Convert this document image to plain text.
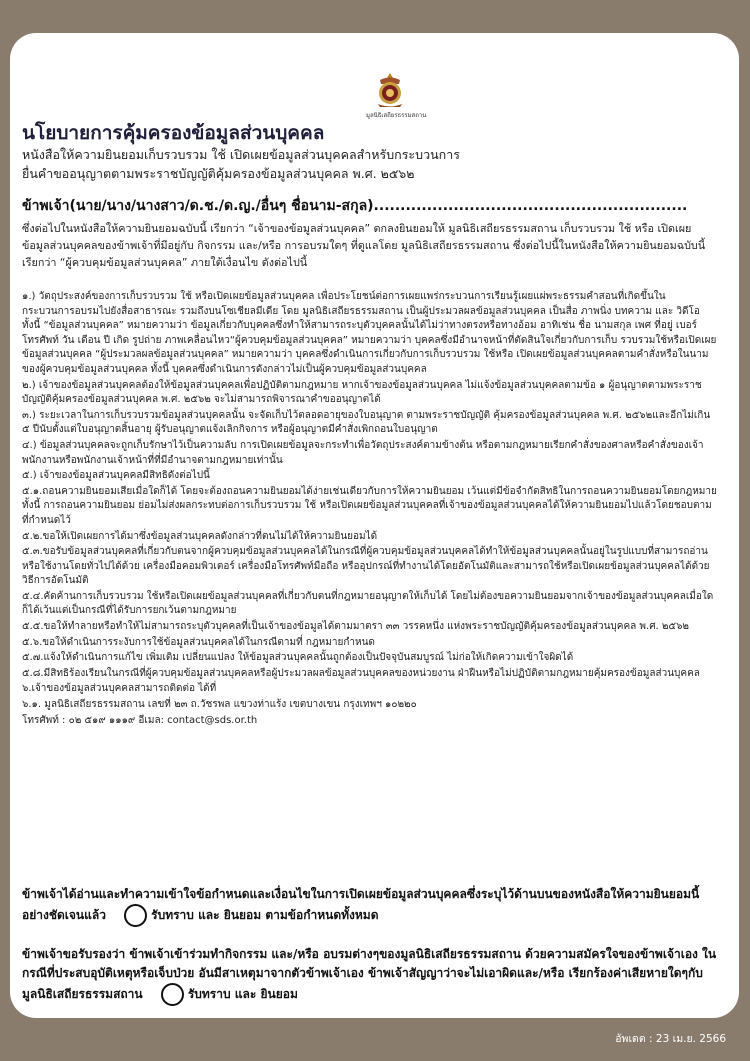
มูลนิธิเสถียรธรรมสถาน
นโยบายการคุ้มครองข้อมูลส่วนบุคคล
หนังสือให้ความยินยอมเก็บรวบรวม ใช้ เปิดเผยข้อมูลส่วนบุคคลสำหรับกระบวนการ
ยื่นคำขออนุญาตตามพระราชบัญญัติคุ้มครองข้อมูลส่วนบุคคล พ.ศ. ๒๕๖๒

ข้าพเจ้า(นาย/นาง/นางสาว/ด.ช./ด.ญ./อื่นๆ ชื่อนาม-สกุล)...........................................................

ซึ่งต่อไปในหนังสือให้ความยินยอมฉบับนี้ เรียกว่า “เจ้าของข้อมูลส่วนบุคคล” ตกลงยินยอมให้ มูลนิธิเสถียรธรรมสถาน เก็บรวบรวม ใช้ หรือ เปิดเผย ข้อมูลส่วนบุคคลของข้าพเจ้าที่มีอยู่กับ กิจกรรม และ/หรือ การอบรมใดๆ ที่ดูแลโดย มูลนิธิเสถียรธรรมสถาน ซึ่งต่อไปนี้ในหนังสือให้ความยินยอมฉบับนี้เรียกว่า “ผู้ควบคุมข้อมูลส่วนบุคคล” ภายใต้เงื่อนไข ดังต่อไปนี้

๑.) วัตถุประสงค์ของการเก็บรวบรวม ใช้ หรือเปิดเผยข้อมูลส่วนบุคคล เพื่อประโยชน์ต่อการเผยแพร่กระบวนการเรียนรู้เผยแผ่พระธรรมคำสอนที่เกิดขึ้นในกระบวนการอบรมไปยังสื่อสาธารณะ รวมถึงบนโซเชียลมีเดีย โดย มูลนิธิเสถียรธรรมสถาน เป็นผู้ประมวลผลข้อมูลส่วนบุคคล เป็นสื่อ ภาพนิ่ง บทความ และ วิดีโอ ทั้งนี้ “ข้อมูลส่วนบุคคล” หมายความว่า ข้อมูลเกี่ยวกับบุคคลซึ่งทำให้สามารถระบุตัวบุคคลนั้นได้ไม่ว่าทางตรงหรือทางอ้อม อาทิเช่น ชื่อ นามสกุล เพศ ที่อยู่ เบอร์โทรศัพท์ วัน เดือน ปี เกิด รูปถ่าย ภาพเคลื่อนไหว“ผู้ควบคุมข้อมูลส่วนบุคคล” หมายความว่า บุคคลซึ่งมีอำนาจหน้าที่ตัดสินใจเกี่ยวกับการเก็บ รวบรวมใช้หรือเปิดเผยข้อมูลส่วนบุคคล “ผู้ประมวลผลข้อมูลส่วนบุคคล” หมายความว่า บุคคลซึ่งดำเนินการเกี่ยวกับการเก็บรวบรวม ใช้หรือ เปิดเผยข้อมูลส่วนบุคคลตามคำสั่งหรือในนามของผู้ควบคุมข้อมูลส่วนบุคคล ทั้งนี้ บุคคลซึ่งดำเนินการดังกล่าวไม่เป็นผู้ควบคุมข้อมูลส่วนบุคคล
๒.) เจ้าของข้อมูลส่วนบุคคลต้องให้ข้อมูลส่วนบุคคลเพื่อปฏิบัติตามกฎหมาย หากเจ้าของข้อมูลส่วนบุคคล ไม่แจ้งข้อมูลส่วนบุคคลตามข้อ ๑ ผู้อนุญาตตามพระราชบัญญัติคุ้มครองข้อมูลส่วนบุคคล พ.ศ. ๒๕๖๒ จะไม่สามารถพิจารณาคำขออนุญาตได้
๓.) ระยะเวลาในการเก็บรวบรวมข้อมูลส่วนบุคคลนั้น จะจัดเก็บไว้ตลอดอายุของใบอนุญาต ตามพระราชบัญญัติ คุ้มครองข้อมูลส่วนบุคคล พ.ศ. ๒๕๖๒และอีกไม่เกิน ๕ ปีนับตั้งแต่ใบอนุญาตสิ้นอายุ ผู้รับอนุญาตแจ้งเลิกกิจการ หรือผู้อนุญาตมีคำสั่งเพิกถอนใบอนุญาต
๔.) ข้อมูลส่วนบุคคลจะถูกเก็บรักษาไว้เป็นความลับ การเปิดเผยข้อมูลจะกระทำเพื่อวัตถุประสงค์ตามข้างต้น หรือตามกฎหมายเรียกคำสั่งของศาลหรือคำสั่งของเจ้าพนักงานหรือพนักงานเจ้าหน้าที่ที่มีอำนาจตามกฎหมายเท่านั้น
๕.) เจ้าของข้อมูลส่วนบุคคลมีสิทธิดังต่อไปนี้
๕.๑.ถอนความยินยอมเสียเมื่อใดก็ได้ โดยจะต้องถอนความยินยอมได้ง่ายเช่นเดียวกับการให้ความยินยอม เว้นแต่มีข้อจำกัดสิทธิในการถอนความยินยอมโดยกฎหมาย ทั้งนี้ การถอนความยินยอม ย่อมไม่ส่งผลกระทบต่อการเก็บรวบรวม ใช้ หรือเปิดเผยข้อมูลส่วนบุคคลที่เจ้าของข้อมูลส่วนบุคคลได้ให้ความยินยอมไปแล้วโดยชอบตามที่กำหนดไว้
๕.๒.ขอให้เปิดเผยการได้มาซึ่งข้อมูลส่วนบุคคลดังกล่าวที่ตนไม่ได้ให้ความยินยอมได้
๕.๓.ขอรับข้อมูลส่วนบุคคลที่เกี่ยวกับตนจากผู้ควบคุมข้อมูลส่วนบุคคลได้ในกรณีที่ผู้ควบคุมข้อมูลส่วนบุคคลได้ทำให้ข้อมูลส่วนบุคคลนั้นอยู่ในรูปแบบที่สามารถอ่านหรือใช้งานโดยทั่วไปได้ด้วย เครื่องมือคอมพิวเตอร์ เครื่องมือโทรศัพท์มือถือ หรืออุปกรณ์ที่ทำงานได้โดยอัตโนมัติและสามารถใช้หรือเปิดเผยข้อมูลส่วนบุคคลได้ด้วย วิธีการอัตโนมัติ
๕.๔.คัดค้านการเก็บรวบรวม ใช้หรือเปิดเผยข้อมูลส่วนบุคคลที่เกี่ยวกับตนที่กฎหมายอนุญาตให้เก็บได้ โดยไม่ต้องขอความยินยอมจากเจ้าของข้อมูลส่วนบุคคลเมื่อใดก็ได้เว้นแต่เป็นกรณีที่ได้รับการยกเว้นตามกฎหมาย
๕.๕.ขอให้ทำลายหรือทำให้ไม่สามารถระบุตัวบุคคลที่เป็นเจ้าของข้อมูลได้ตามมาตรา ๓๓ วรรคหนึ่ง แห่งพระราชบัญญัติคุ้มครองข้อมูลส่วนบุคคล พ.ศ. ๒๕๖๒
๕.๖.ขอให้ดำเนินการระงับการใช้ข้อมูลส่วนบุคคลได้ในกรณีตามที่ กฎหมายกำหนด
๕.๗.แจ้งให้ดำเนินการแก้ไข เพิ่มเติม เปลี่ยนแปลง ให้ข้อมูลส่วนบุคคลนั้นถูกต้องเป็นปัจจุบันสมบูรณ์ ไม่ก่อให้เกิดความเข้าใจผิดได้
๕.๘.มีสิทธิร้องเรียนในกรณีที่ผู้ควบคุมข้อมูลส่วนบุคคลหรือผู้ประมวลผลข้อมูลส่วนบุคคลของหน่วยงาน ฝ่าฝืนหรือไม่ปฏิบัติตามกฎหมายคุ้มครองข้อมูลส่วนบุคคล
๖.เจ้าของข้อมูลส่วนบุคคลสามารถติดต่อ ได้ที่
๖.๑. มูลนิธิเสถียรธรรมสถาน เลขที่ ๒๓ ถ.วัชรพล แขวงท่าแร้ง เขตบางเขน กรุงเทพฯ ๑๐๒๒๐
โทรศัพท์ : ๐๒ ๕๑๙ ๑๑๑๙ อีเมล: contact@sds.or.th

ข้าพเจ้าได้อ่านและทำความเข้าใจข้อกำหนดและเงื่อนไขในการเปิดเผยข้อมูลส่วนบุคคลซึ่งระบุไว้ด้านบนของหนังสือให้ความยินยอมนี้อย่างชัดเจนแล้ว	รับทราบ และ ยินยอม ตามข้อกำหนดทั้งหมด

ข้าพเจ้าขอรับรองว่า ข้าพเจ้าเข้าร่วมทำกิจกรรม และ/หรือ อบรมต่างๆของมูลนิธิเสถียรธรรมสถาน ด้วยความสมัครใจของข้าพเจ้าเอง ในกรณีที่ประสบอุบัติเหตุหรือเจ็บป่วย อันมีสาเหตุมาจากตัวข้าพเจ้าเอง ข้าพเจ้าสัญญาว่าจะไม่เอาผิดและ/หรือ เรียกร้องค่าเสียหายใดๆกับมูลนิธิเสถียรธรรมสถาน	รับทราบ และ ยินยอม

อัพเดต : 23 เม.ย. 2566
